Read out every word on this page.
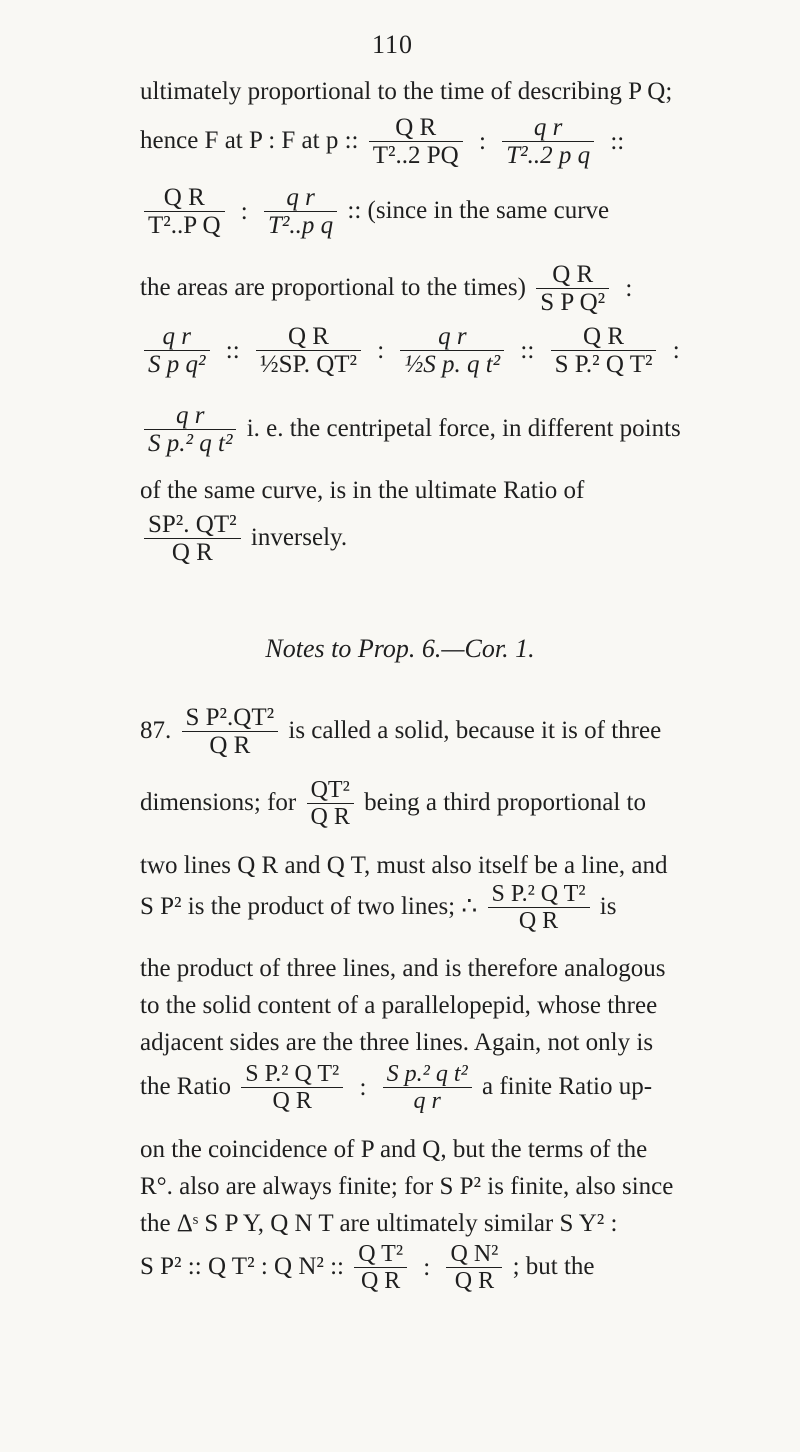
110
ultimately proportional to the time of describing P Q;
hence F at P : F at p :: $\frac{\text{Q R}}{\text{T²..2 PQ}}$ : $\frac{\text{q r}}{\text{T²..2 p q}}$ ::
$\frac{\text{Q R}}{\text{T²..P Q}}$ : $\frac{\text{q r}}{\text{T²..p q}}$ :: (since in the same curve
the areas are proportional to the times) $\frac{\text{Q R}}{\text{S P Q²}}$ :
$\frac{\text{q r}}{\text{S p q²}}$ :: $\frac{\text{Q R}}{\text{½SP. QT²}}$ : $\frac{\text{q r}}{\text{½S p. q t²}}$ :: $\frac{\text{Q R}}{\text{S P.² Q T²}}$ :
$\frac{\text{q r}}{\text{S p.² q t²}} i$. e. the centripetal force, in different points
of the same curve, is in the ultimate Ratio of
$\frac{\text{SP². QT²}}{\text{Q R}}$ inversely.
Notes to Prop. 6.—Cor. 1.
87. $\frac{\text{S P².QT²}}{\text{Q R}}$ is called a solid, because it is of three
dimensions; for $\frac{\text{QT²}}{\text{Q R}}$ being a third proportional to
two lines Q R and Q T, must also itself be a line, and
S P² is the product of two lines; ∴ $\frac{\text{S P.² Q T²}}{\text{Q R}}$ is
the product of three lines, and is therefore analogous
to the solid content of a parallelopepid, whose three
adjacent sides are the three lines. Again, not only is
the Ratio $\frac{\text{S P.² Q T²}}{\text{Q R}}$ : $\frac{\text{S p.² q t²}}{\text{q r}}$ a finite Ratio up-
on the coincidence of P and Q, but the terms of the
R°. also are always finite; for S P² is finite, also since
the Δˢ S P Y, Q N T are ultimately similar S Y² :
S P² :: Q T² : Q N² :: $\frac{\text{Q T²}}{\text{Q R}}$ : $\frac{\text{Q N²}}{\text{Q R}}$ ; but the
